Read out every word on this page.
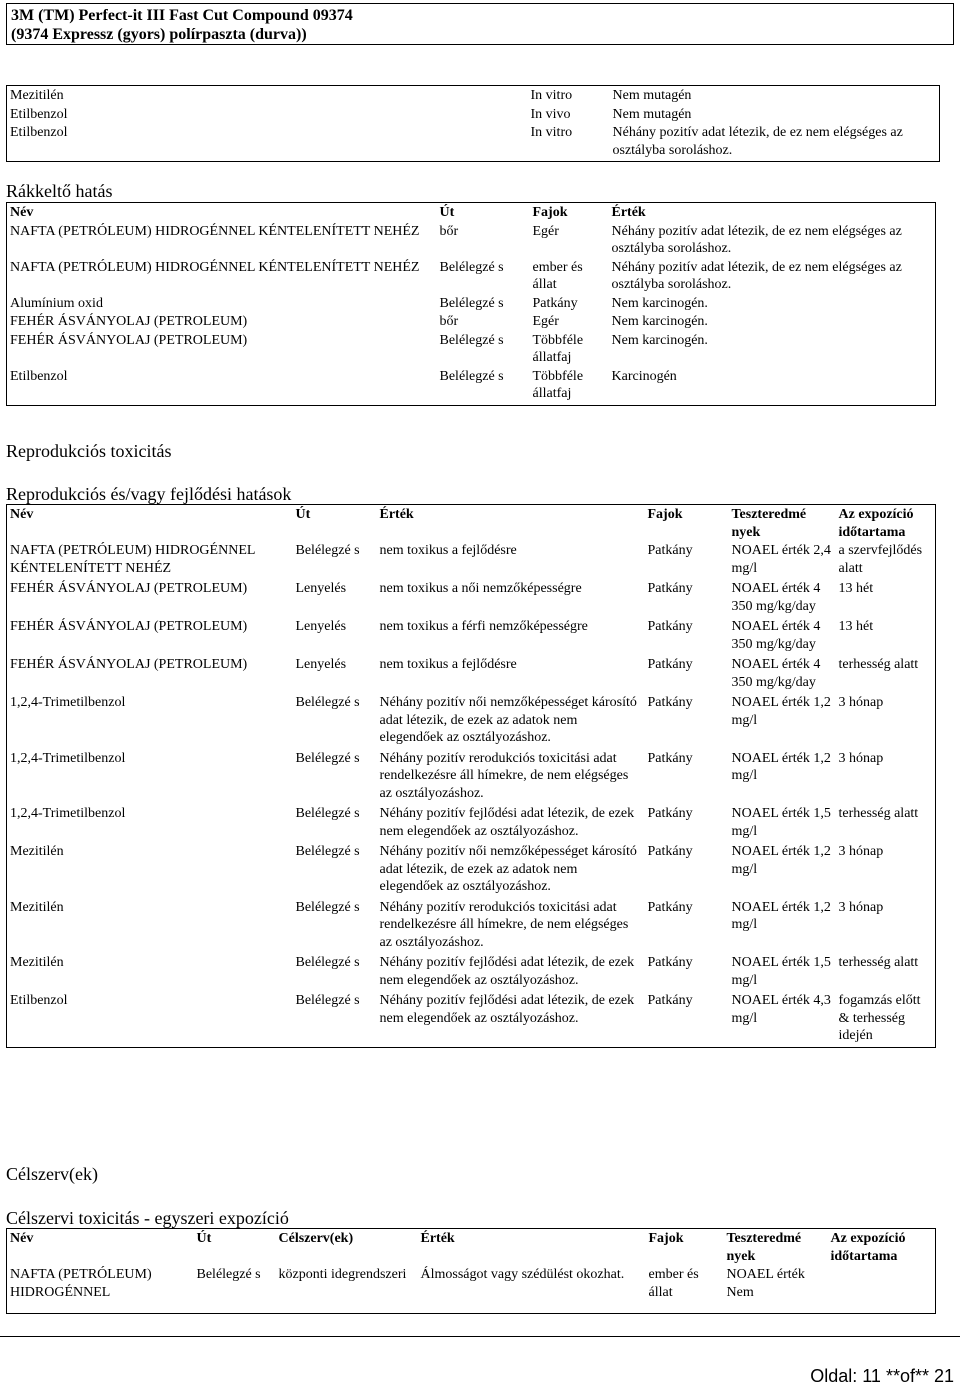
3M (TM) Perfect-it III Fast Cut Compound 09374
(9374 Expressz (gyors) polírpaszta (durva))
Mezitilén	In vitro	Nem mutagén
Etilbenzol	In vivo	Nem mutagén
Etilbenzol	In vitro	Néhány pozitív adat létezik, de ez nem elégséges az osztályba soroláshoz.
Rákkeltő hatás
Név	Út	Fajok	Érték
NAFTA (PETRÓLEUM) HIDROGÉNNEL KÉNTELENÍTETT NEHÉZ	bőr	Egér	Néhány pozitív adat létezik, de ez nem elégséges az osztályba soroláshoz.
NAFTA (PETRÓLEUM) HIDROGÉNNEL KÉNTELENÍTETT NEHÉZ	Belélegzé s	ember és állat	Néhány pozitív adat létezik, de ez nem elégséges az osztályba soroláshoz.
Alumínium oxid	Belélegzé s	Patkány	Nem karcinogén.
FEHÉR ÁSVÁNYOLAJ (PETROLEUM)	bőr	Egér	Nem karcinogén.
FEHÉR ÁSVÁNYOLAJ (PETROLEUM)	Belélegzé s	Többféle állatfaj	Nem karcinogén.
Etilbenzol	Belélegzé s	Többféle állatfaj	Karcinogén
Reprodukciós toxicitás
Reprodukciós és/vagy fejlődési hatások
Név	Út	Érték	Fajok	Teszteredmé nyek	Az expozíció időtartama
NAFTA (PETRÓLEUM) HIDROGÉNNEL KÉNTELENÍTETT NEHÉZ	Belélegzé s	nem toxikus a fejlődésre	Patkány	NOAEL érték 2,4 mg/l	a szervfejlődés alatt
FEHÉR ÁSVÁNYOLAJ (PETROLEUM)	Lenyelés	nem toxikus a női nemzőképességre	Patkány	NOAEL érték 4 350 mg/kg/day	13 hét
FEHÉR ÁSVÁNYOLAJ (PETROLEUM)	Lenyelés	nem toxikus a férfi nemzőképességre	Patkány	NOAEL érték 4 350 mg/kg/day	13 hét
FEHÉR ÁSVÁNYOLAJ (PETROLEUM)	Lenyelés	nem toxikus a fejlődésre	Patkány	NOAEL érték 4 350 mg/kg/day	terhesség alatt
1,2,4-Trimetilbenzol	Belélegzé s	Néhány pozitív női nemzőképességet károsító adat létezik, de ezek az adatok nem elegendőek az osztályozáshoz.	Patkány	NOAEL érték 1,2 mg/l	3 hónap
1,2,4-Trimetilbenzol	Belélegzé s	Néhány pozitív rerodukciós toxicitási adat rendelkezésre áll hímekre, de nem elégséges az osztályozáshoz.	Patkány	NOAEL érték 1,2 mg/l	3 hónap
1,2,4-Trimetilbenzol	Belélegzé s	Néhány pozitív fejlődési adat létezik, de ezek nem elegendőek az osztályozáshoz.	Patkány	NOAEL érték 1,5 mg/l	terhesség alatt
Mezitilén	Belélegzé s	Néhány pozitív női nemzőképességet károsító adat létezik, de ezek az adatok nem elegendőek az osztályozáshoz.	Patkány	NOAEL érték 1,2 mg/l	3 hónap
Mezitilén	Belélegzé s	Néhány pozitív rerodukciós toxicitási adat rendelkezésre áll hímekre, de nem elégséges az osztályozáshoz.	Patkány	NOAEL érték 1,2 mg/l	3 hónap
Mezitilén	Belélegzé s	Néhány pozitív fejlődési adat létezik, de ezek nem elegendőek az osztályozáshoz.	Patkány	NOAEL érték 1,5 mg/l	terhesség alatt
Etilbenzol	Belélegzé s	Néhány pozitív fejlődési adat létezik, de ezek nem elegendőek az osztályozáshoz.	Patkány	NOAEL érték 4,3 mg/l	fogamzás előtt & terhesség idején
Célszerv(ek)
Célszervi toxicitás - egyszeri expozíció
Név	Út	Célszerv(ek)	Érték	Fajok	Teszteredmé nyek	Az expozíció időtartama
NAFTA (PETRÓLEUM) HIDROGÉNNEL	Belélegzé s	központi idegrendszeri	Álmosságot vagy szédülést okozhat.	ember és állat	NOAEL érték Nem	
Oldal: 11 **of** 21
